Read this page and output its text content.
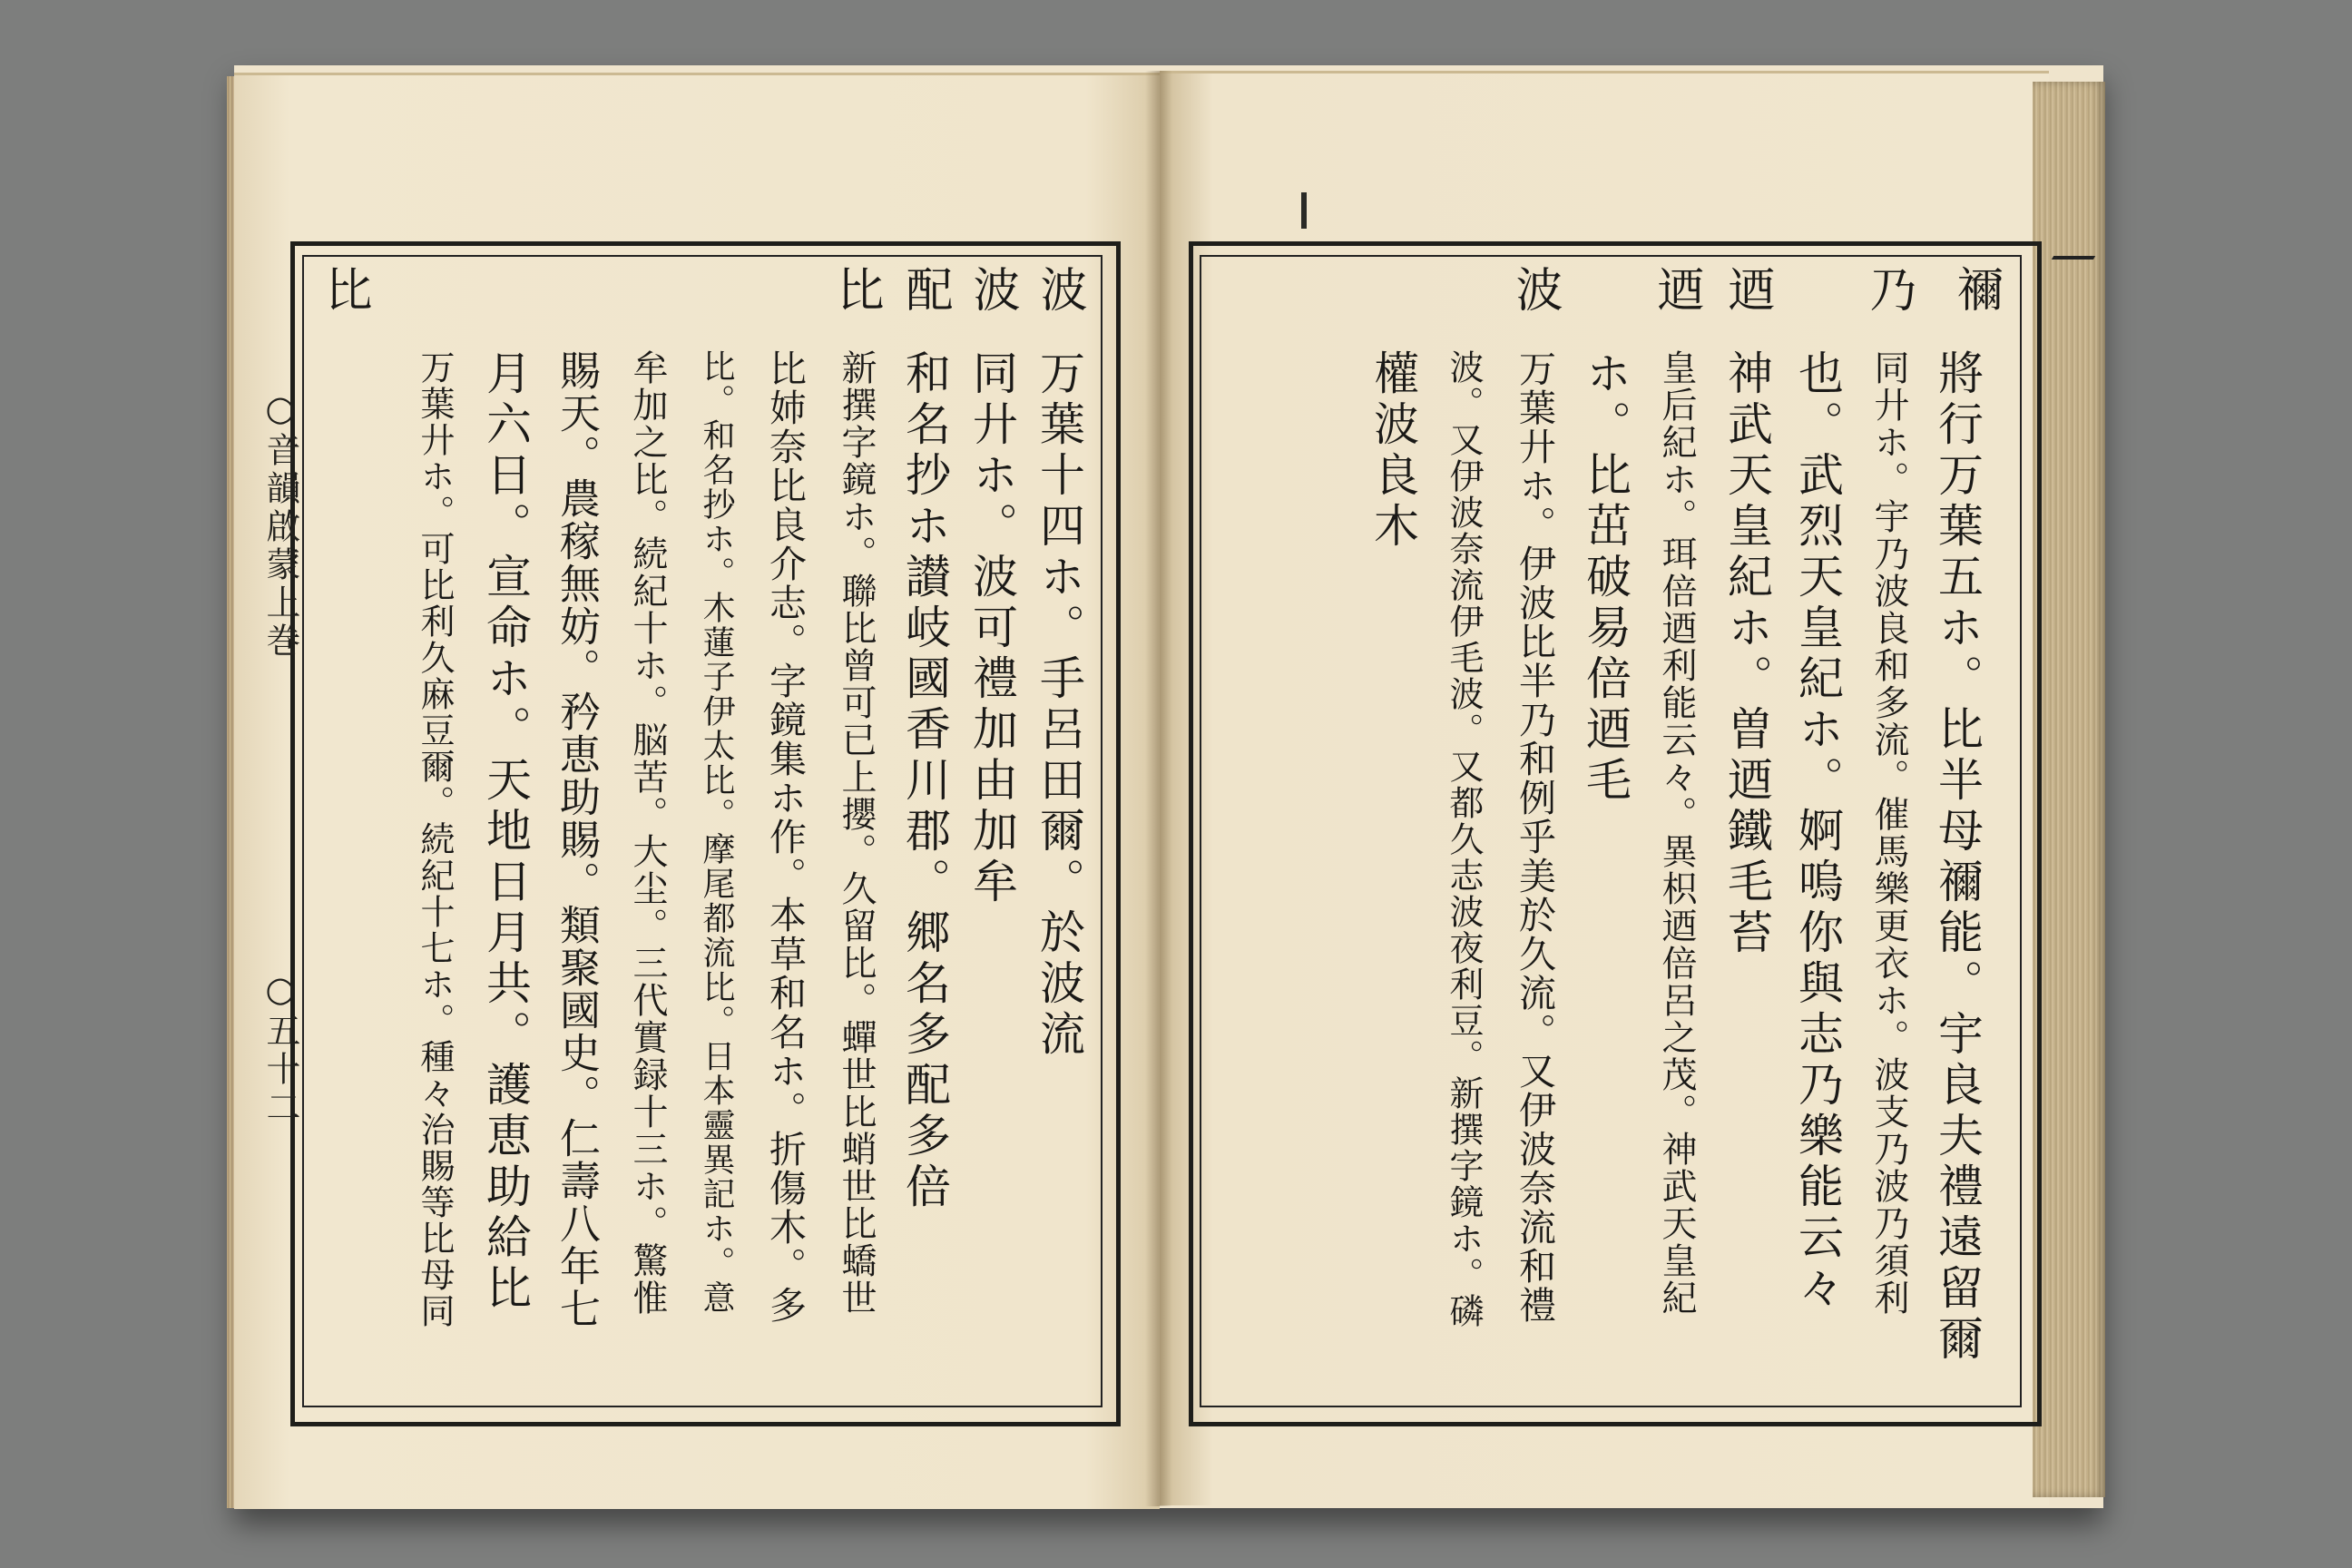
○音韻啟蒙上巻
○五十二
波
万葉十四ホ。手呂田爾。於波流
波
同廾ホ。波可禮加由加牟
配
和名抄ホ讃岐國香川郡。郷名多配多倍
比
新撰字鏡ホ。聯比曾可已上攖。久留比。蟬世比蛸世比蟜世
比姉奈比良介志。字鏡集ホ作。本草和名ホ。折傷木。多
比。和名抄ホ。木蓮子伊太比。摩尾都流比。日本靈異記ホ。意
牟加之比。続紀十ホ。脳苦。大尘。三代實録十三ホ。驚惟
賜天。農稼無妨。矜恵助賜。類聚國史。仁壽八年七
月六日。宣命ホ。天地日月共。護恵助給比
万葉廾ホ。可比利久麻豆爾。続紀十七ホ。種々治賜等比母同
比	禰
將行万葉五ホ。比半母禰能。宇良夫禮遠留爾
乃
同廾ホ。宇乃波良和多流。催馬樂更衣ホ。波支乃波乃須利
也。武烈天皇紀ホ。婀嗚你與志乃樂能云々
迺
神武天皇紀ホ。曽迺鐵毛苔
迺
皇后紀ホ。珥倍迺利能云々。異枳迺倍呂之茂。神武天皇紀
ホ。比茁破易倍迺毛
波
万葉廾ホ。伊波比半乃和例乎美於久流。又伊波奈流和禮
波。又伊波奈流伊毛波。又都久志波夜利豆。新撰字鏡ホ。磷
權波良木
